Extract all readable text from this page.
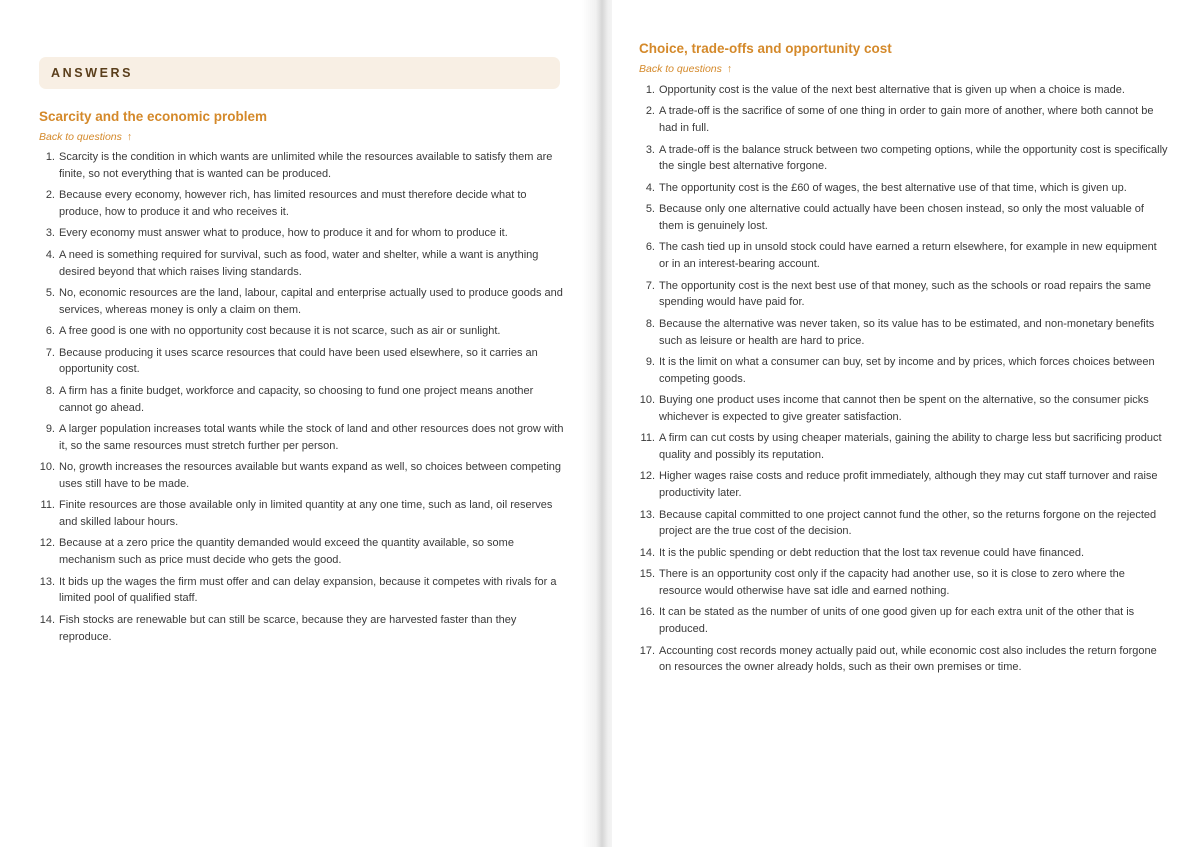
ANSWERS
Scarcity and the economic problem
Back to questions ↑
1. Scarcity is the condition in which wants are unlimited while the resources available to satisfy them are finite, so not everything that is wanted can be produced.
2. Because every economy, however rich, has limited resources and must therefore decide what to produce, how to produce it and who receives it.
3. Every economy must answer what to produce, how to produce it and for whom to produce it.
4. A need is something required for survival, such as food, water and shelter, while a want is anything desired beyond that which raises living standards.
5. No, economic resources are the land, labour, capital and enterprise actually used to produce goods and services, whereas money is only a claim on them.
6. A free good is one with no opportunity cost because it is not scarce, such as air or sunlight.
7. Because producing it uses scarce resources that could have been used elsewhere, so it carries an opportunity cost.
8. A firm has a finite budget, workforce and capacity, so choosing to fund one project means another cannot go ahead.
9. A larger population increases total wants while the stock of land and other resources does not grow with it, so the same resources must stretch further per person.
10. No, growth increases the resources available but wants expand as well, so choices between competing uses still have to be made.
11. Finite resources are those available only in limited quantity at any one time, such as land, oil reserves and skilled labour hours.
12. Because at a zero price the quantity demanded would exceed the quantity available, so some mechanism such as price must decide who gets the good.
13. It bids up the wages the firm must offer and can delay expansion, because it competes with rivals for a limited pool of qualified staff.
14. Fish stocks are renewable but can still be scarce, because they are harvested faster than they reproduce.
Choice, trade-offs and opportunity cost
Back to questions ↑
1. Opportunity cost is the value of the next best alternative that is given up when a choice is made.
2. A trade-off is the sacrifice of some of one thing in order to gain more of another, where both cannot be had in full.
3. A trade-off is the balance struck between two competing options, while the opportunity cost is specifically the single best alternative forgone.
4. The opportunity cost is the £60 of wages, the best alternative use of that time, which is given up.
5. Because only one alternative could actually have been chosen instead, so only the most valuable of them is genuinely lost.
6. The cash tied up in unsold stock could have earned a return elsewhere, for example in new equipment or in an interest-bearing account.
7. The opportunity cost is the next best use of that money, such as the schools or road repairs the same spending would have paid for.
8. Because the alternative was never taken, so its value has to be estimated, and non-monetary benefits such as leisure or health are hard to price.
9. It is the limit on what a consumer can buy, set by income and by prices, which forces choices between competing goods.
10. Buying one product uses income that cannot then be spent on the alternative, so the consumer picks whichever is expected to give greater satisfaction.
11. A firm can cut costs by using cheaper materials, gaining the ability to charge less but sacrificing product quality and possibly its reputation.
12. Higher wages raise costs and reduce profit immediately, although they may cut staff turnover and raise productivity later.
13. Because capital committed to one project cannot fund the other, so the returns forgone on the rejected project are the true cost of the decision.
14. It is the public spending or debt reduction that the lost tax revenue could have financed.
15. There is an opportunity cost only if the capacity had another use, so it is close to zero where the resource would otherwise have sat idle and earned nothing.
16. It can be stated as the number of units of one good given up for each extra unit of the other that is produced.
17. Accounting cost records money actually paid out, while economic cost also includes the return forgone on resources the owner already holds, such as their own premises or time.
